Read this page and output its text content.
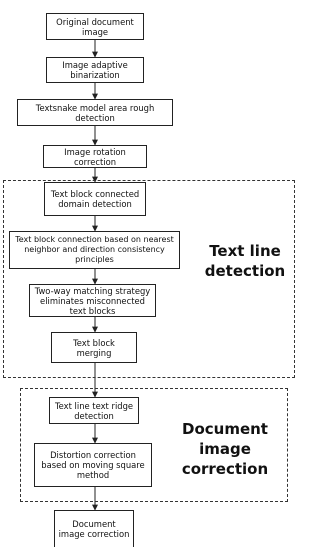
Text line detection
Document image correction
Original document image
Image adaptive binarization
Textsnake model area rough detection
Image rotation correction
Text block connected domain detection
Text block connection based on nearest neighbor and direction consistency principles
Two-way matching strategy eliminates misconnected text blocks
Text block merging
Text line text ridge detection
Distortion correction based on moving square method
Document image correction
